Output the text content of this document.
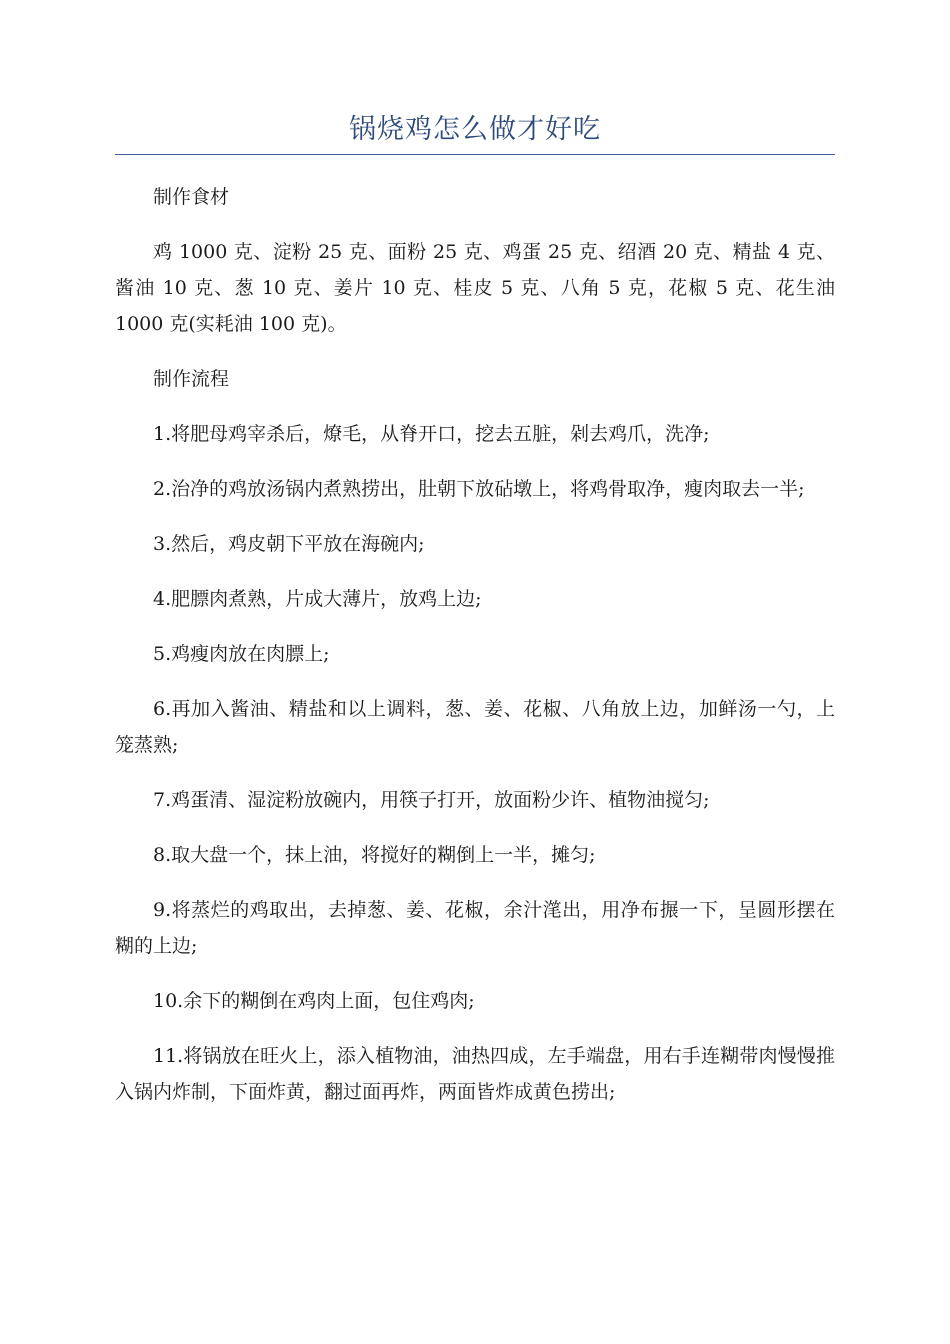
锅烧鸡怎么做才好吃

制作食材

鸡 1000 克、淀粉 25 克、面粉 25 克、鸡蛋 25 克、绍酒 20 克、精盐 4 克、酱油 10 克、葱 10 克、姜片 10 克、桂皮 5 克、八角 5 克，花椒 5 克、花生油 1000 克(实耗油 100 克)。

制作流程

1.将肥母鸡宰杀后，燎毛，从脊开口，挖去五脏，剁去鸡爪，洗净;

2.治净的鸡放汤锅内煮熟捞出，肚朝下放砧墩上，将鸡骨取净，瘦肉取去一半;

3.然后，鸡皮朝下平放在海碗内;

4.肥膘肉煮熟，片成大薄片，放鸡上边;

5.鸡瘦肉放在肉膘上;

6.再加入酱油、精盐和以上调料，葱、姜、花椒、八角放上边，加鲜汤一勺，上笼蒸熟;

7.鸡蛋清、湿淀粉放碗内，用筷子打开，放面粉少许、植物油搅匀;

8.取大盘一个，抹上油，将搅好的糊倒上一半，摊匀;

9.将蒸烂的鸡取出，去掉葱、姜、花椒，余汁滗出，用净布搌一下，呈圆形摆在糊的上边;

10.余下的糊倒在鸡肉上面，包住鸡肉;

11.将锅放在旺火上，添入植物油，油热四成，左手端盘，用右手连糊带肉慢慢推入锅内炸制，下面炸黄，翻过面再炸，两面皆炸成黄色捞出;
